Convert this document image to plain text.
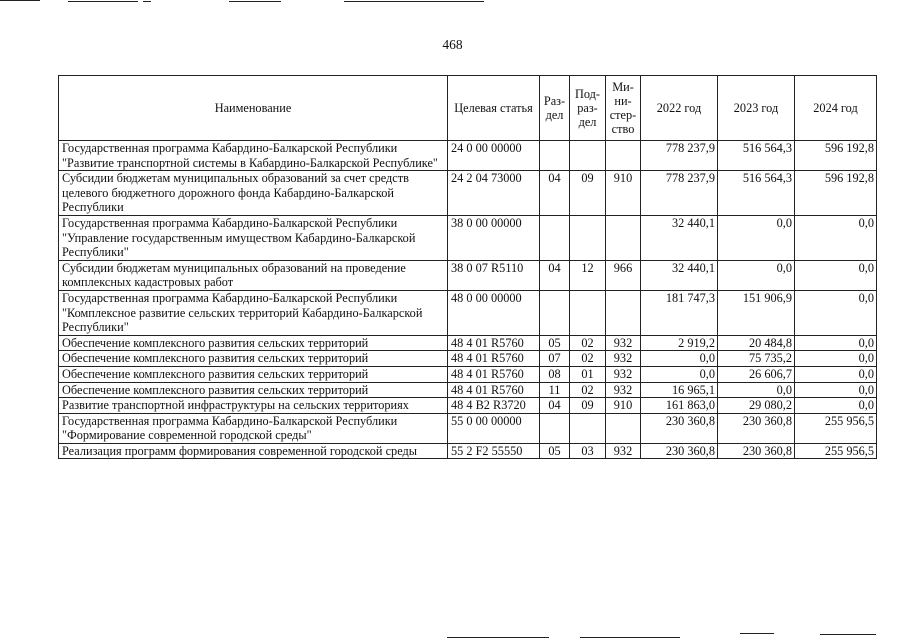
468
Наименование	Целевая статья	Раз- дел	Под- раз- дел	Ми- ни- стер- ство	2022 год	2023 год	2024 год
Государственная программа Кабардино-Балкарской Республики "Развитие транспортной системы в Кабардино-Балкарской Республике"	24 0 00 00000				778 237,9	516 564,3	596 192,8
Субсидии бюджетам муниципальных образований за счет средств целевого бюджетного дорожного фонда Кабардино-Балкарской Республики	24 2 04 73000	04	09	910	778 237,9	516 564,3	596 192,8
Государственная программа Кабардино-Балкарской Республики "Управление государственным имуществом Кабардино-Балкарской Республики"	38 0 00 00000				32 440,1	0,0	0,0
Субсидии бюджетам муниципальных образований на проведение комплексных кадастровых работ	38 0 07 R5110	04	12	966	32 440,1	0,0	0,0
Государственная программа Кабардино-Балкарской Республики "Комплексное развитие сельских территорий Кабардино-Балкарской Республики"	48 0 00 00000				181 747,3	151 906,9	0,0
Обеспечение комплексного развития сельских территорий	48 4 01 R5760	05	02	932	2 919,2	20 484,8	0,0
Обеспечение комплексного развития сельских территорий	48 4 01 R5760	07	02	932	0,0	75 735,2	0,0
Обеспечение комплексного развития сельских территорий	48 4 01 R5760	08	01	932	0,0	26 606,7	0,0
Обеспечение комплексного развития сельских территорий	48 4 01 R5760	11	02	932	16 965,1	0,0	0,0
Развитие транспортной инфраструктуры на сельских территориях	48 4 B2 R3720	04	09	910	161 863,0	29 080,2	0,0
Государственная программа Кабардино-Балкарской Республики "Формирование современной городской среды"	55 0 00 00000				230 360,8	230 360,8	255 956,5
Реализация программ формирования современной городской среды	55 2 F2 55550	05	03	932	230 360,8	230 360,8	255 956,5
